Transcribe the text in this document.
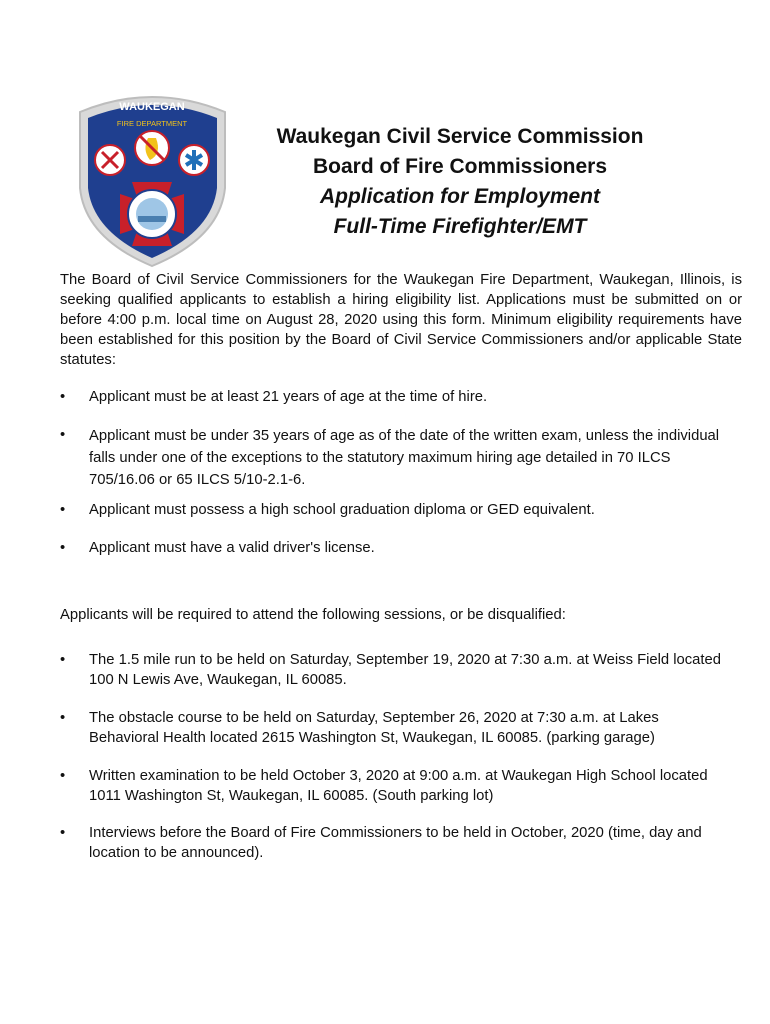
WAUKEGAN
FIRE DEPARTMENT
Waukegan Civil Service Commission
Board of Fire Commissioners
Application for Employment
Full-Time Firefighter/EMT
The Board of Civil Service Commissioners for the Waukegan Fire Department, Waukegan, Illinois, is seeking qualified applicants to establish a hiring eligibility list. Applications must be submitted on or before 4:00 p.m. local time on August 28, 2020 using this form. Minimum eligibility requirements have been established for this position by the Board of Civil Service Commissioners and/or applicable State statutes:
•	Applicant must be at least 21 years of age at the time of hire.
•	Applicant must be under 35 years of age as of the date of the written exam, unless the individual falls under one of the exceptions to the statutory maximum hiring age detailed in 70 ILCS 705/16.06 or 65 ILCS 5/10-2.1-6.
•	Applicant must possess a high school graduation diploma or GED equivalent.
•	Applicant must have a valid driver's license.
Applicants will be required to attend the following sessions, or be disqualified:
•	The 1.5 mile run to be held on Saturday, September 19, 2020 at 7:30 a.m. at Weiss Field located 100 N Lewis Ave, Waukegan, IL 60085.
•	The obstacle course to be held on Saturday, September 26, 2020 at 7:30 a.m. at Lakes Behavioral Health located 2615 Washington St, Waukegan, IL 60085. (parking garage)
•	Written examination to be held October 3, 2020 at 9:00 a.m. at Waukegan High School located 1011 Washington St, Waukegan, IL 60085. (South parking lot)
•	Interviews before the Board of Fire Commissioners to be held in October, 2020 (time, day and location to be announced).
